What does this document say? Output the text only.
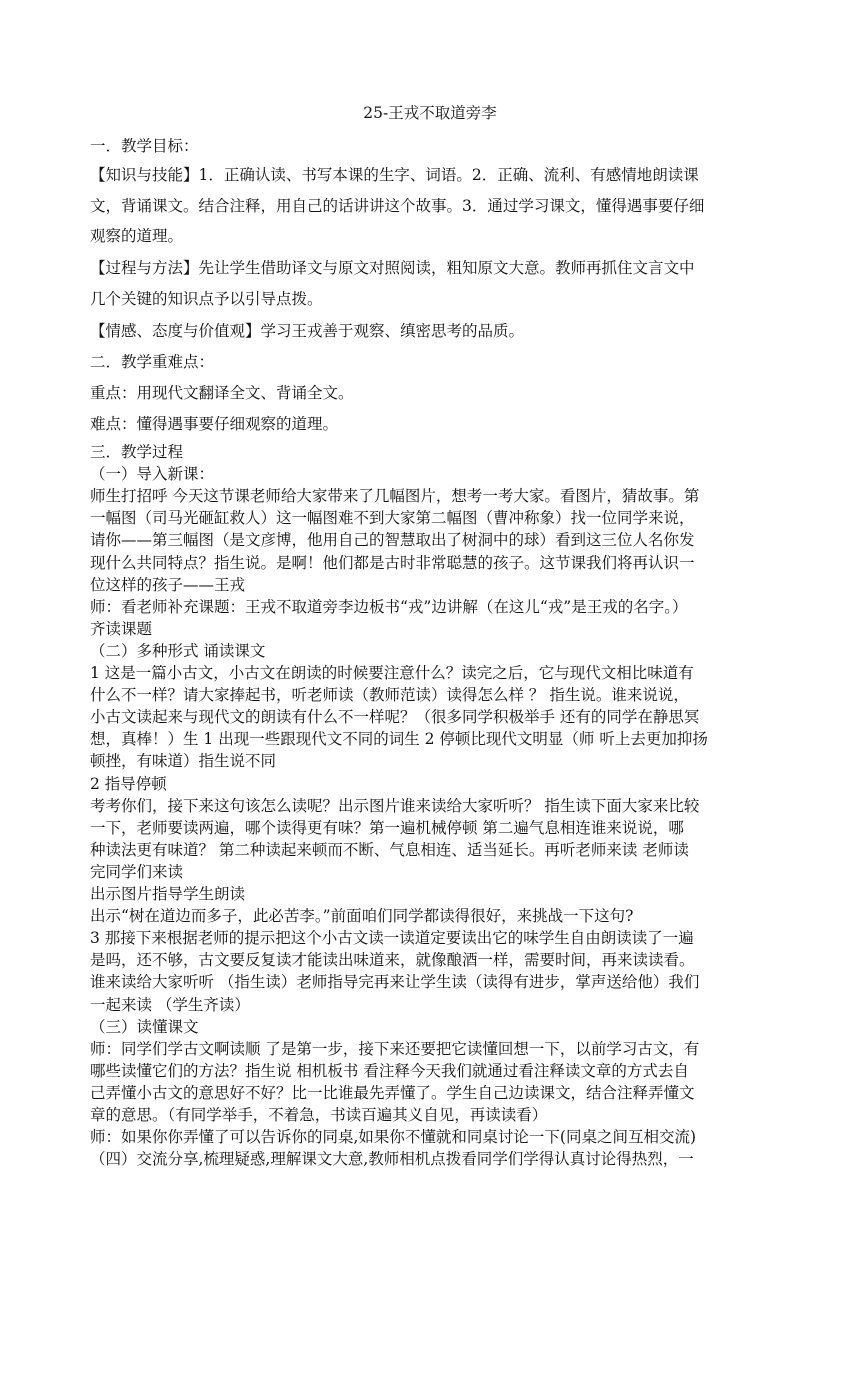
25-王戎不取道旁李
一．教学目标：
【知识与技能】1．正确认读、书写本课的生字、词语。2．正确、流利、有感情地朗读课
文，背诵课文。结合注释，用自己的话讲讲这个故事。3．通过学习课文，懂得遇事要仔细
观察的道理。
【过程与方法】先让学生借助译文与原文对照阅读，粗知原文大意。教师再抓住文言文中
几个关键的知识点予以引导点拨。
【情感、态度与价值观】学习王戎善于观察、缜密思考的品质。
二．教学重难点：
重点：用现代文翻译全文、背诵全文。
难点：懂得遇事要仔细观察的道理。
三．教学过程
（一）导入新课：
师生打招呼 今天这节课老师给大家带来了几幅图片，想考一考大家。看图片，猜故事。第
一幅图（司马光砸缸救人）这一幅图难不到大家第二幅图（曹冲称象）找一位同学来说，
请你——第三幅图（是文彦博，他用自己的智慧取出了树洞中的球）看到这三位人名你发
现什么共同特点？指生说。是啊！他们都是古时非常聪慧的孩子。这节课我们将再认识一
位这样的孩子——王戎
师：看老师补充课题：王戎不取道旁李边板书“戎”边讲解（在这儿“戎”是王戎的名字。）
齐读课题
（二）多种形式 诵读课文
1 这是一篇小古文，小古文在朗读的时候要注意什么？读完之后，它与现代文相比味道有
什么不一样？请大家捧起书，听老师读（教师范读）读得怎么样 ？ 指生说。谁来说说，
小古文读起来与现代文的朗读有什么不一样呢？（很多同学积极举手 还有的同学在静思冥
想，真棒！）生 1 出现一些跟现代文不同的词生 2 停顿比现代文明显（师 听上去更加抑扬
顿挫，有味道）指生说不同
2 指导停顿
考考你们，接下来这句该怎么读呢？出示图片谁来读给大家听听？ 指生读下面大家来比较
一下，老师要读两遍，哪个读得更有味？第一遍机械停顿 第二遍气息相连谁来说说，哪
种读法更有味道？ 第二种读起来顿而不断、气息相连、适当延长。再听老师来读 老师读
完同学们来读
出示图片指导学生朗读
出示“树在道边而多子，此必苦李。”前面咱们同学都读得很好，来挑战一下这句?
3 那接下来根据老师的提示把这个小古文读一读道定要读出它的味学生自由朗读读了一遍
是吗，还不够，古文要反复读才能读出味道来，就像酿酒一样，需要时间，再来读读看。
谁来读给大家听听 （指生读）老师指导完再来让学生读（读得有进步，掌声送给他）我们
一起来读 （学生齐读）
（三）读懂课文
师：同学们学古文啊读顺 了是第一步，接下来还要把它读懂回想一下，以前学习古文，有
哪些读懂它们的方法？指生说 相机板书 看注释今天我们就通过看注释读文章的方式去自
己弄懂小古文的意思好不好？比一比谁最先弄懂了。学生自己边读课文，结合注释弄懂文
章的意思。（有同学举手，不着急，书读百遍其义自见，再读读看）
师：如果你你弄懂了可以告诉你的同桌,如果你不懂就和同桌讨论一下(同桌之间互相交流)
（四）交流分享,梳理疑惑,理解课文大意,教师相机点拨看同学们学得认真讨论得热烈，一
